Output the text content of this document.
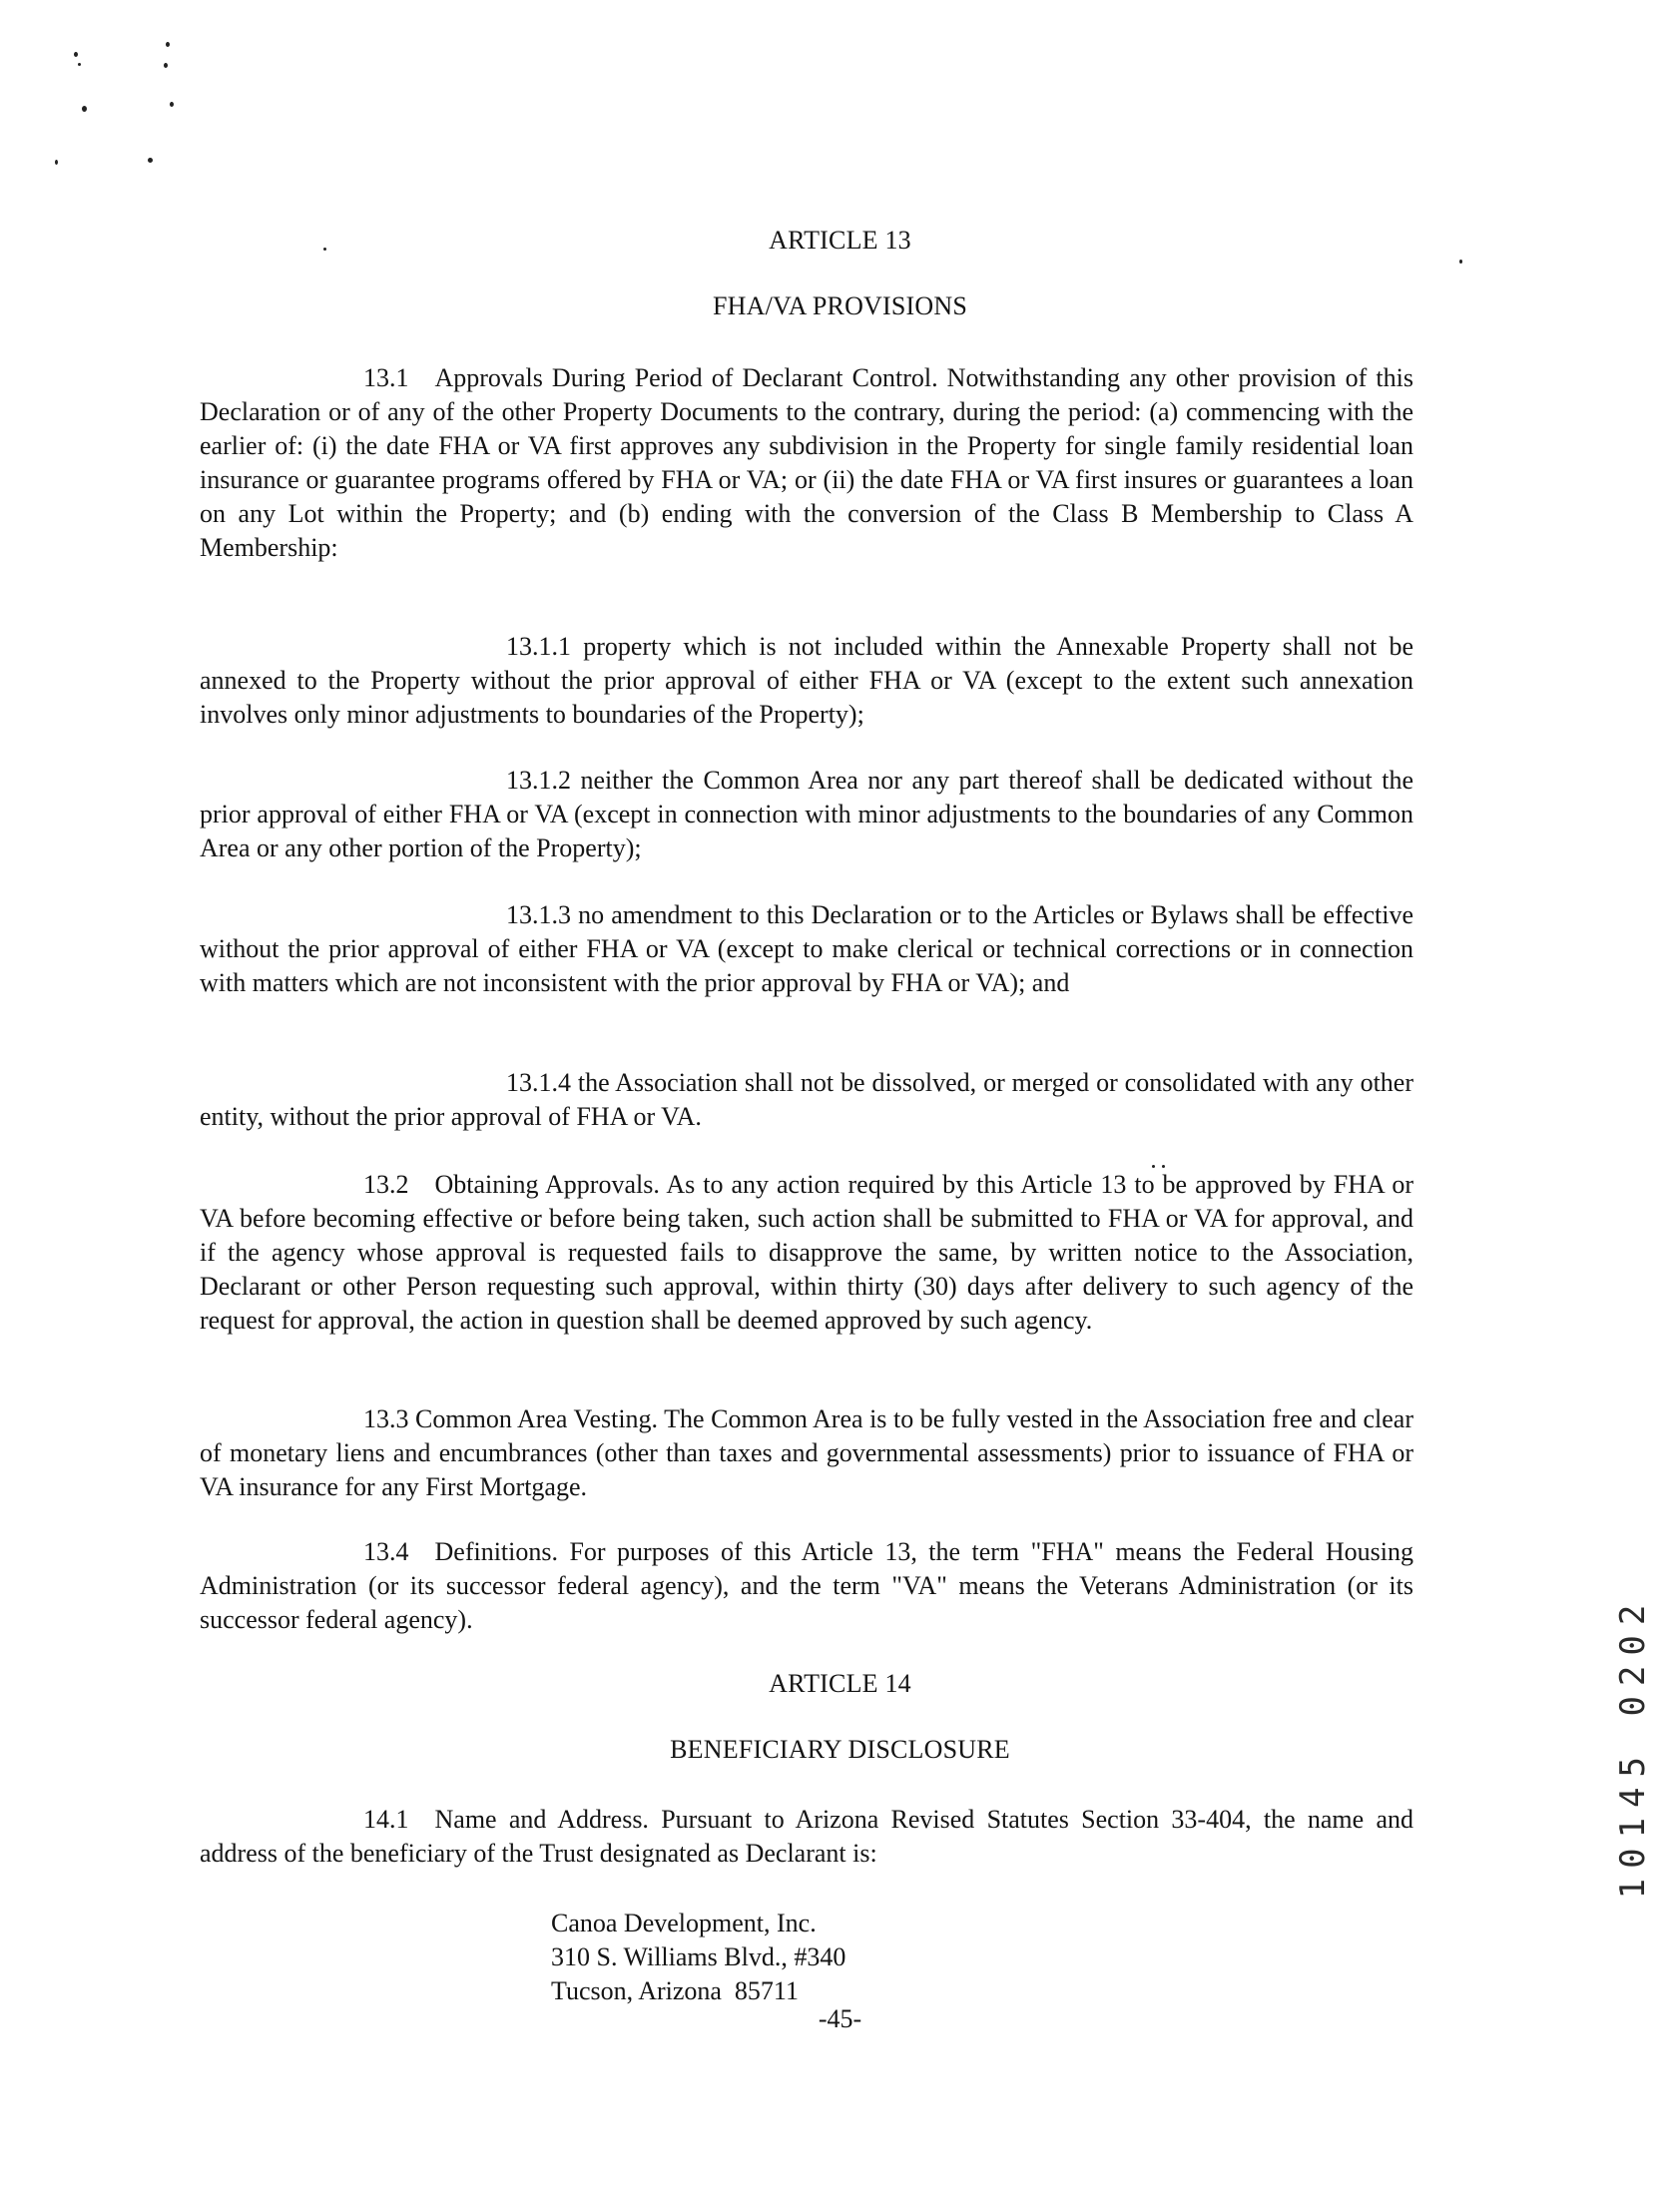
ARTICLE 13
FHA/VA PROVISIONS

13.1 Approvals During Period of Declarant Control. Notwithstanding any other provision of this Declaration or of any of the other Property Documents to the contrary, during the period: (a) commencing with the earlier of: (i) the date FHA or VA first approves any subdivision in the Property for single family residential loan insurance or guarantee programs offered by FHA or VA; or (ii) the date FHA or VA first insures or guarantees a loan on any Lot within the Property; and (b) ending with the conversion of the Class B Membership to Class A Membership:

13.1.1 property which is not included within the Annexable Property shall not be annexed to the Property without the prior approval of either FHA or VA (except to the extent such annexation involves only minor adjustments to boundaries of the Property);

13.1.2 neither the Common Area nor any part thereof shall be dedicated without the prior approval of either FHA or VA (except in connection with minor adjustments to the boundaries of any Common Area or any other portion of the Property);

13.1.3 no amendment to this Declaration or to the Articles or Bylaws shall be effective without the prior approval of either FHA or VA (except to make clerical or technical corrections or in connection with matters which are not inconsistent with the prior approval by FHA or VA); and

13.1.4 the Association shall not be dissolved, or merged or consolidated with any other entity, without the prior approval of FHA or VA.

13.2 Obtaining Approvals. As to any action required by this Article 13 to be approved by FHA or VA before becoming effective or before being taken, such action shall be submitted to FHA or VA for approval, and if the agency whose approval is requested fails to disapprove the same, by written notice to the Association, Declarant or other Person requesting such approval, within thirty (30) days after delivery to such agency of the request for approval, the action in question shall be deemed approved by such agency.

13.3 Common Area Vesting. The Common Area is to be fully vested in the Association free and clear of monetary liens and encumbrances (other than taxes and governmental assessments) prior to issuance of FHA or VA insurance for any First Mortgage.

13.4 Definitions. For purposes of this Article 13, the term "FHA" means the Federal Housing Administration (or its successor federal agency), and the term "VA" means the Veterans Administration (or its successor federal agency).

ARTICLE 14
BENEFICIARY DISCLOSURE

14.1 Name and Address. Pursuant to Arizona Revised Statutes Section 33-404, the name and address of the beneficiary of the Trust designated as Declarant is:

Canoa Development, Inc.
310 S. Williams Blvd., #340
Tucson, Arizona 85711
-45-
10145 0202
